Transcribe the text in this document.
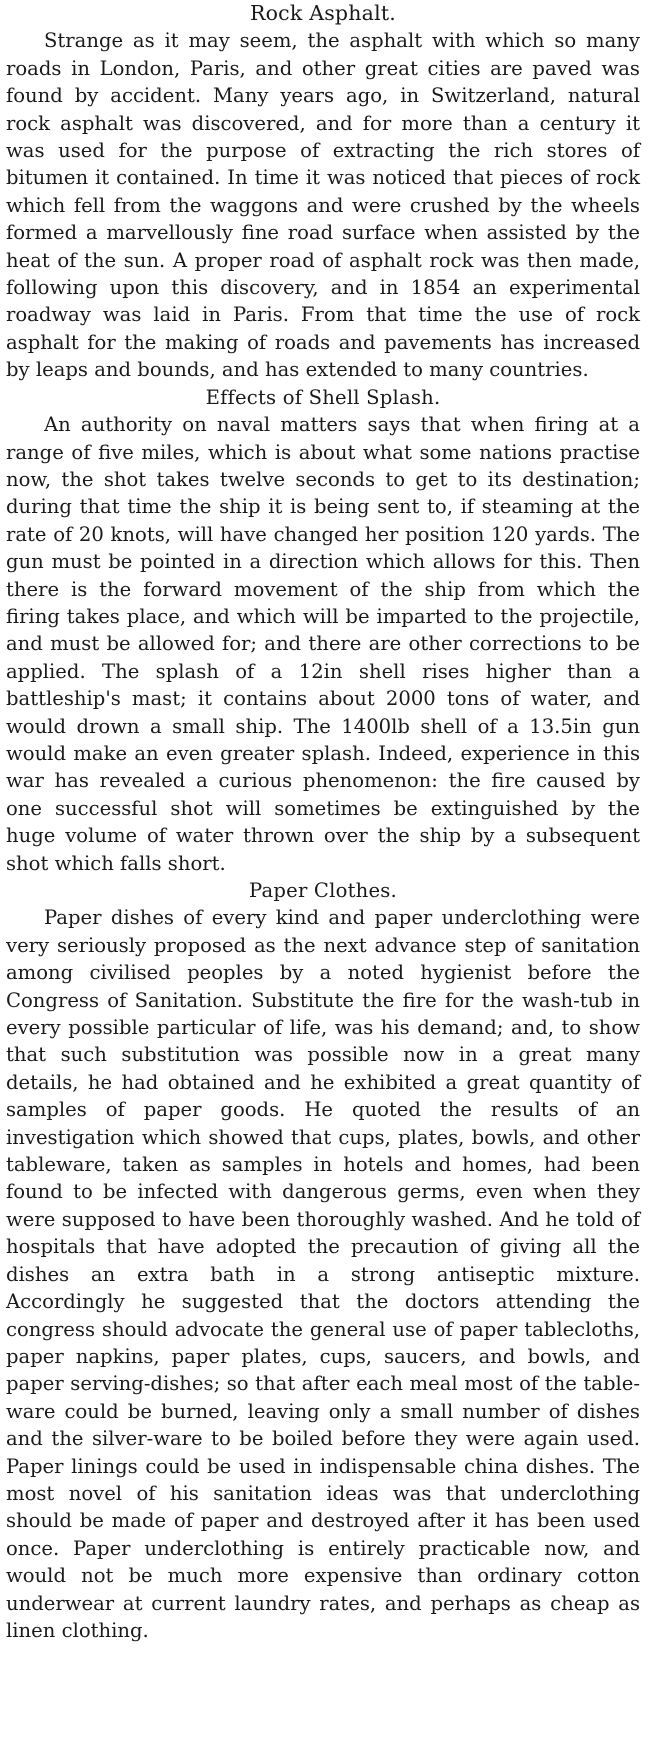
Rock Asphalt.

Strange as it may seem, the asphalt with which so many roads in London, Paris, and other great cities are paved was found by accident. Many years ago, in Switzerland, natural rock asphalt was discovered, and for more than a century it was used for the purpose of extracting the rich stores of bitumen it contained. In time it was noticed that pieces of rock which fell from the waggons and were crushed by the wheels formed a marvellously fine road surface when assisted by the heat of the sun. A proper road of asphalt rock was then made, following upon this discovery, and in 1854 an experimental roadway was laid in Paris. From that time the use of rock asphalt for the making of roads and pavements has increased by leaps and bounds, and has extended to many countries.

Effects of Shell Splash.

An authority on naval matters says that when firing at a range of five miles, which is about what some nations practise now, the shot takes twelve seconds to get to its destination; during that time the ship it is being sent to, if steaming at the rate of 20 knots, will have changed her position 120 yards. The gun must be pointed in a direction which allows for this. Then there is the forward movement of the ship from which the firing takes place, and which will be imparted to the projectile, and must be allowed for; and there are other corrections to be applied. The splash of a 12in shell rises higher than a battleship's mast; it contains about 2000 tons of water, and would drown a small ship. The 1400lb shell of a 13.5in gun would make an even greater splash. Indeed, experience in this war has revealed a curious phenomenon: the fire caused by one successful shot will sometimes be extinguished by the huge volume of water thrown over the ship by a subsequent shot which falls short.

Paper Clothes.

Paper dishes of every kind and paper underclothing were very seriously proposed as the next advance step of sanitation among civilised peoples by a noted hygienist before the Congress of Sanitation. Substitute the fire for the wash-tub in every possible particular of life, was his demand; and, to show that such substitution was possible now in a great many details, he had obtained and he exhibited a great quantity of samples of paper goods. He quoted the results of an investigation which showed that cups, plates, bowls, and other tableware, taken as samples in hotels and homes, had been found to be infected with dangerous germs, even when they were supposed to have been thoroughly washed. And he told of hospitals that have adopted the precaution of giving all the dishes an extra bath in a strong antiseptic mixture. Accordingly he suggested that the doctors attending the congress should advocate the general use of paper tablecloths, paper napkins, paper plates, cups, saucers, and bowls, and paper serving-dishes; so that after each meal most of the table-ware could be burned, leaving only a small number of dishes and the silver-ware to be boiled before they were again used. Paper linings could be used in indispensable china dishes. The most novel of his sanitation ideas was that underclothing should be made of paper and destroyed after it has been used once. Paper underclothing is entirely practicable now, and would not be much more expensive than ordinary cotton underwear at current laundry rates, and perhaps as cheap as linen clothing.
